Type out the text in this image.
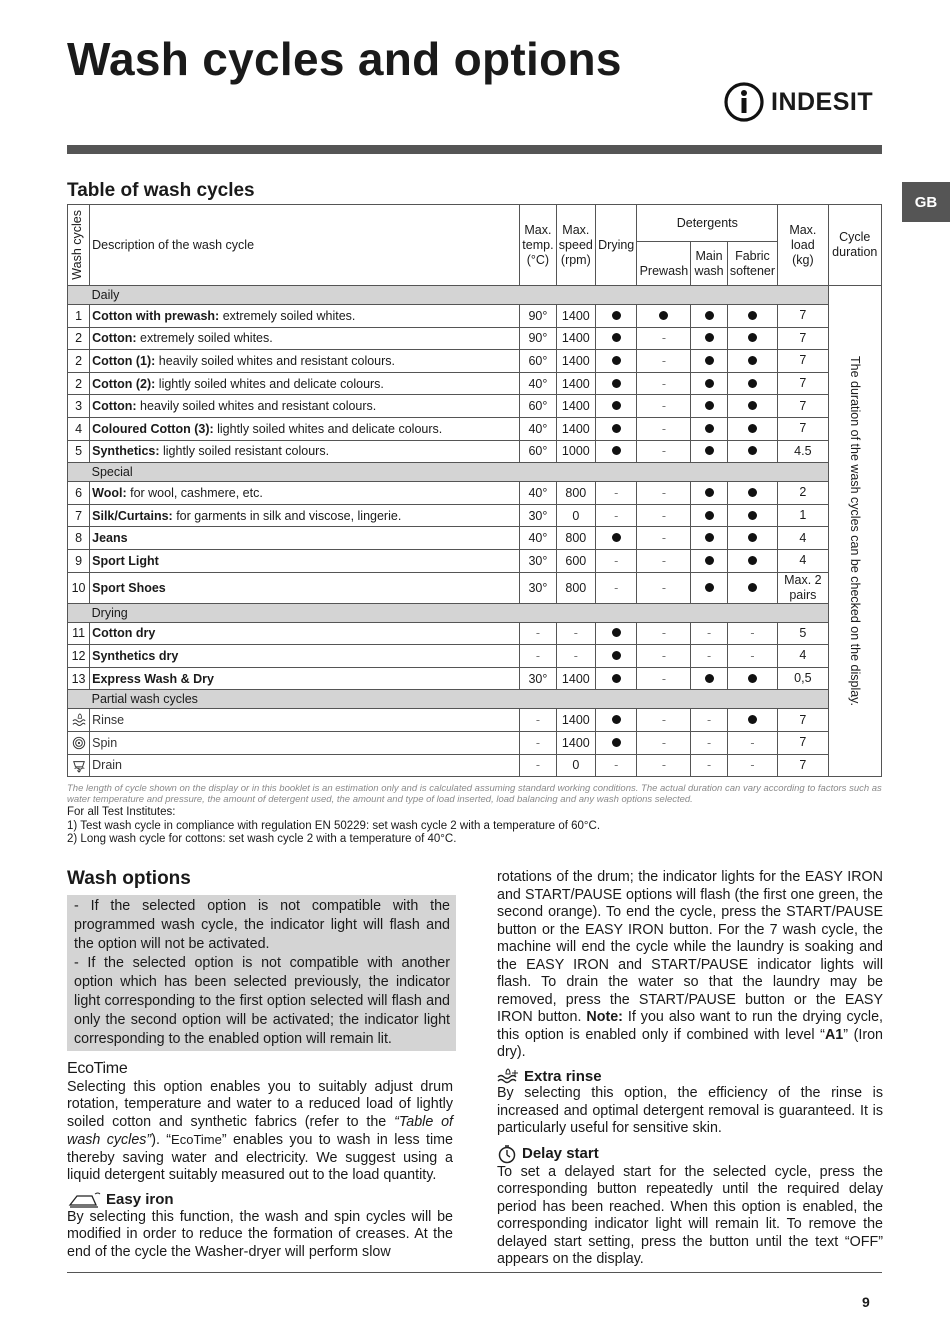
Wash cycles and options
INDESIT
GB
Table of wash cycles
Wash cycles	Description of the wash cycle	Max. temp. (°C)	Max. speed (rpm)	Drying	Detergents			Max. load (kg)	Cycle duration
					Prewash	Main wash	Fabric softener		
	Daily								The duration of the wash cycles can be checked on the display.

1	Cotton with prewash: extremely soiled whites.	90°	1400					7	
2	Cotton: extremely soiled whites.	90°	1400		-			7	
2	Cotton (1): heavily soiled whites and resistant colours.	60°	1400		-			7	
2	Cotton (2): lightly soiled whites and delicate colours.	40°	1400		-			7	
3	Cotton: heavily soiled whites and resistant colours.	60°	1400		-			7	
4	Coloured Cotton (3): lightly soiled whites and delicate colours.	40°	1400		-			7	
5	Synthetics: lightly soiled resistant colours.	60°	1000		-			4.5	
	Special								
6	Wool: for wool, cashmere, etc.	40°	800	-	-			2	
7	Silk/Curtains: for garments in silk and viscose, lingerie.	30°	0	-	-			1	
8	Jeans	40°	800		-			4	
9	Sport Light	30°	600	-	-			4	
10	Sport Shoes	30°	800	-	-			Max. 2 pairs	
	Drying								
11	Cotton dry	-	-		-	-	-	5	
12	Synthetics dry	-	-		-	-	-	4	
13	Express Wash & Dry	30°	1400		-			0,5	
	Partial wash cycles								
	Rinse	-	1400		-	-		7	
	Spin	-	1400		-	-	-	7	
	Drain	-	0	-	-	-	-	7	
The length of cycle shown on the display or in this booklet is an estimation only and is calculated assuming standard working conditions. The actual duration can vary according to factors such as water temperature and pressure, the amount of detergent used, the amount and type of load inserted, load balancing and any wash options selected.

For all Test Institutes:

1) Test wash cycle in compliance with regulation EN 50229: set wash cycle 2 with a temperature of 60°C.

2) Long wash cycle for cottons: set wash cycle 2 with a temperature of 40°C.

Wash options

- If the selected option is not compatible with the programmed wash cycle, the indicator light will flash and the option will not be activated.

- If the selected option is not compatible with another option which has been selected previously, the indicator light corresponding to the first option selected will flash and only the second option will be activated; the indicator light corresponding to the enabled option will remain lit.

EcoTime

Selecting this option enables you to suitably adjust drum rotation, temperature and water to a reduced load of lightly soiled cotton and synthetic fabrics (refer to the “Table of wash cycles”). “EcoTime” enables you to wash in less time thereby saving water and electricity. We suggest using a liquid detergent suitably measured out to the load quantity.

Easy iron

By selecting this function, the wash and spin cycles will be modified in order to reduce the formation of creases. At the end of the cycle the Washer-dryer will perform slow

rotations of the drum; the indicator lights for the EASY IRON and START/PAUSE options will flash (the first one green, the second orange). To end the cycle, press the START/PAUSE button or the EASY IRON button. For the 7 wash cycle, the machine will end the cycle while the laundry is soaking and the EASY IRON and START/PAUSE indicator lights will flash. To drain the water so that the laundry may be removed, press the START/PAUSE button or the EASY IRON button. Note: If you also want to run the drying cycle, this option is enabled only if combined with level “A1” (Iron dry).

Extra rinse

By selecting this option, the efficiency of the rinse is increased and optimal detergent removal is guaranteed. It is particularly useful for sensitive skin.

Delay start

To set a delayed start for the selected cycle, press the corresponding button repeatedly until the required delay period has been reached. When this option is enabled, the corresponding indicator light will remain lit. To remove the delayed start setting, press the button until the text “OFF” appears on the display.

9
